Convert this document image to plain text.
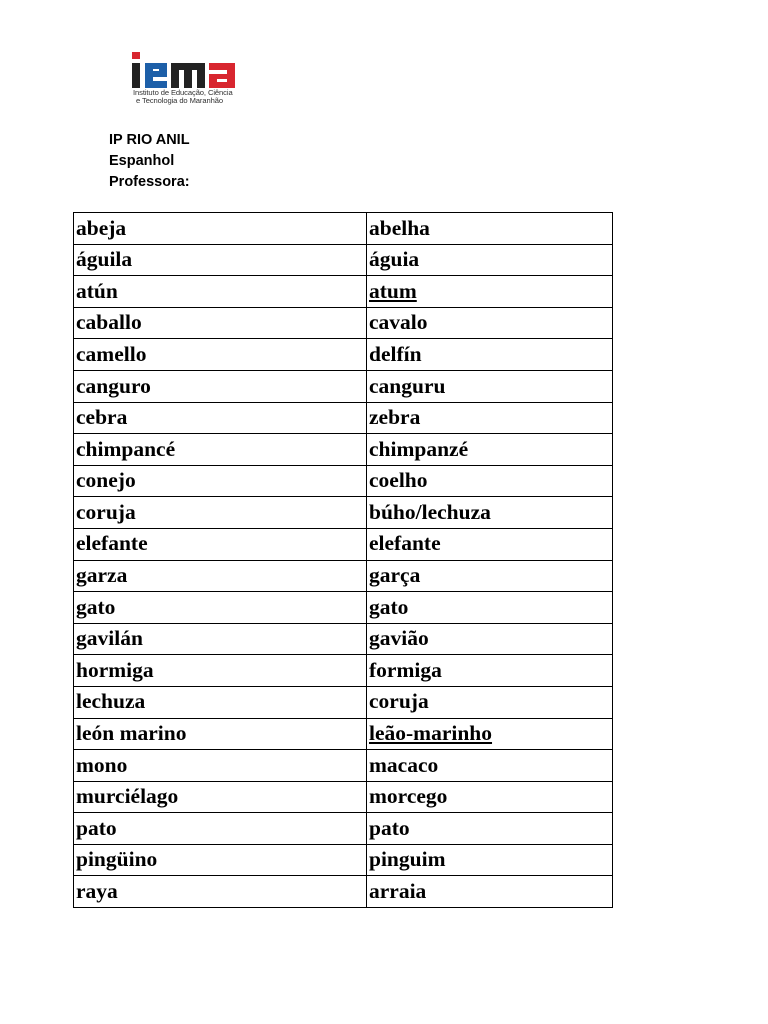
Instituto de Educação, Ciência
e Tecnologia do Maranhão
IP RIO ANIL
Espanhol
Professora:
abeja	abelha
águila	águia
atún	atum
caballo	cavalo
camello	delfín
canguro	canguru
cebra	zebra
chimpancé	chimpanzé
conejo	coelho
coruja	búho/lechuza
elefante	elefante
garza	garça
gato	gato
gavilán	gavião
hormiga	formiga
lechuza	coruja
león marino	leão-marinho
mono	macaco
murciélago	morcego
pato	pato
pingüino	pinguim
raya	arraia
